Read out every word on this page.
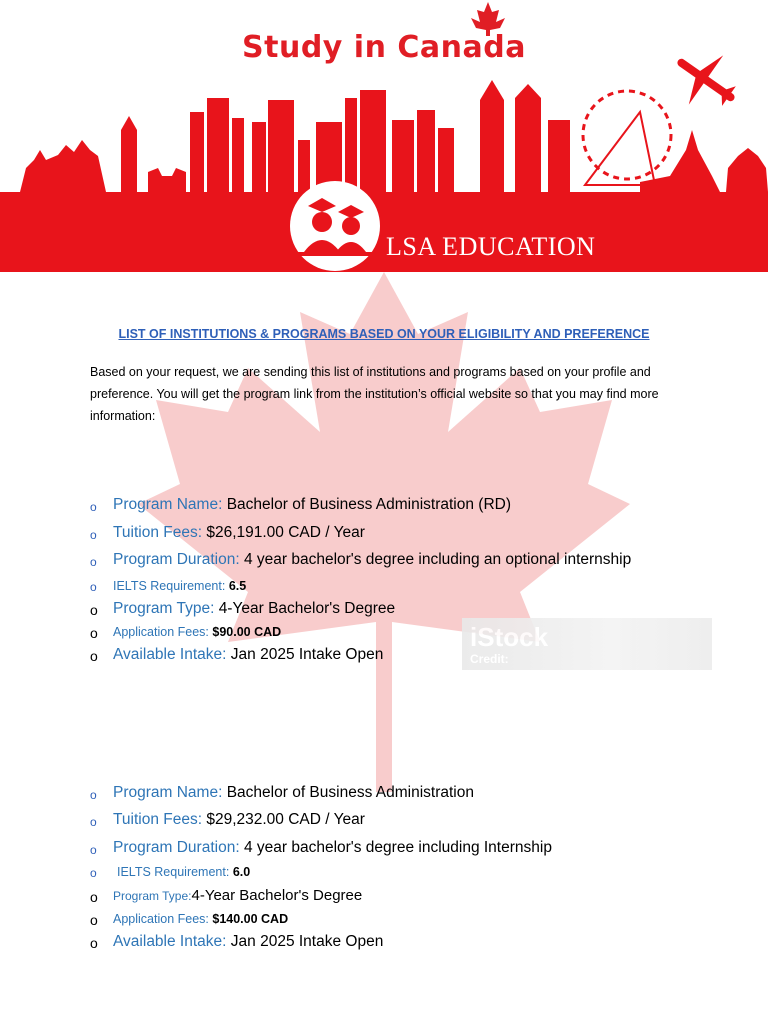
Study in Canada
LSA EDUCATION
iStock
Credit:
LIST OF INSTITUTIONS & PROGRAMS BASED ON YOUR ELIGIBILITY AND PREFERENCE
Based on your request, we are sending this list of institutions and programs based on your profile and preference. You will get the program link from the institution’s official website so that you may find more information:
o Program Name: Bachelor of Business Administration (RD)
o Tuition Fees: $26,191.00 CAD / Year
o Program Duration: 4 year bachelor's degree including an optional internship
o IELTS Requirement: 6.5
o Program Type: 4-Year Bachelor's Degree
o Application Fees: $90.00 CAD
o Available Intake: Jan 2025 Intake Open
o Program Name: Bachelor of Business Administration
o Tuition Fees: $29,232.00 CAD / Year
o Program Duration: 4 year bachelor's degree including Internship
o IELTS Requirement: 6.0
o Program Type:4-Year Bachelor's Degree
o Application Fees: $140.00 CAD
o Available Intake: Jan 2025 Intake Open
